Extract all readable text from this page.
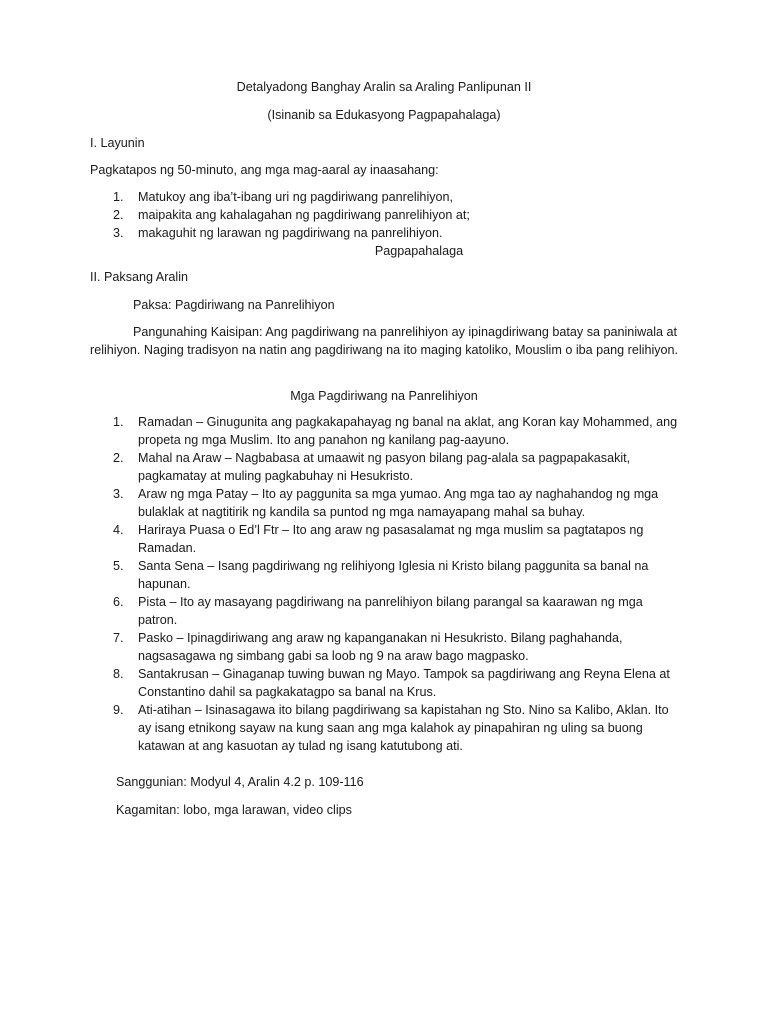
Detalyadong Banghay Aralin sa Araling Panlipunan II
(Isinanib sa Edukasyong Pagpapahalaga)
I. Layunin
Pagkatapos ng 50-minuto, ang mga mag-aaral ay inaasahang:
1. Matukoy ang iba’t-ibang uri ng pagdiriwang panrelihiyon,
2. maipakita ang kahalagahan ng pagdiriwang panrelihiyon at;
3. makaguhit ng larawan ng pagdiriwang na panrelihiyon.
Pagpapahalaga
II. Paksang Aralin
Paksa: Pagdiriwang na Panrelihiyon
Pangunahing Kaisipan: Ang pagdiriwang na panrelihiyon ay ipinagdiriwang batay sa paniniwala at relihiyon. Naging tradisyon na natin ang pagdiriwang na ito maging katoliko, Mouslim o iba pang relihiyon.
Mga Pagdiriwang na Panrelihiyon
1. Ramadan – Ginugunita ang pagkakapahayag ng banal na aklat, ang Koran kay Mohammed, ang propeta ng mga Muslim. Ito ang panahon ng kanilang pag-aayuno.
2. Mahal na Araw – Nagbabasa at umaawit ng pasyon bilang pag-alala sa pagpapakasakit, pagkamatay at muling pagkabuhay ni Hesukristo.
3. Araw ng mga Patay – Ito ay paggunita sa mga yumao. Ang mga tao ay naghahandog ng mga bulaklak at nagtitirik ng kandila sa puntod ng mga namayapang mahal sa buhay.
4. Hariraya Puasa o Ed’l Ftr – Ito ang araw ng pasasalamat ng mga muslim sa pagtatapos ng Ramadan.
5. Santa Sena – Isang pagdiriwang ng relihiyong Iglesia ni Kristo bilang paggunita sa banal na hapunan.
6. Pista – Ito ay masayang pagdiriwang na panrelihiyon bilang parangal sa kaarawan ng mga patron.
7. Pasko – Ipinagdiriwang ang araw ng kapanganakan ni Hesukristo. Bilang paghahanda, nagsasagawa ng simbang gabi sa loob ng 9 na araw bago magpasko.
8. Santakrusan – Ginaganap tuwing buwan ng Mayo. Tampok sa pagdiriwang ang Reyna Elena at Constantino dahil sa pagkakatagpo sa banal na Krus.
9. Ati-atihan – Isinasagawa ito bilang pagdiriwang sa kapistahan ng Sto. Nino sa Kalibo, Aklan. Ito ay isang etnikong sayaw na kung saan ang mga kalahok ay pinapahiran ng uling sa buong katawan at ang kasuotan ay tulad ng isang katutubong ati.
Sanggunian: Modyul 4, Aralin 4.2 p. 109-116
Kagamitan: lobo, mga larawan, video clips
